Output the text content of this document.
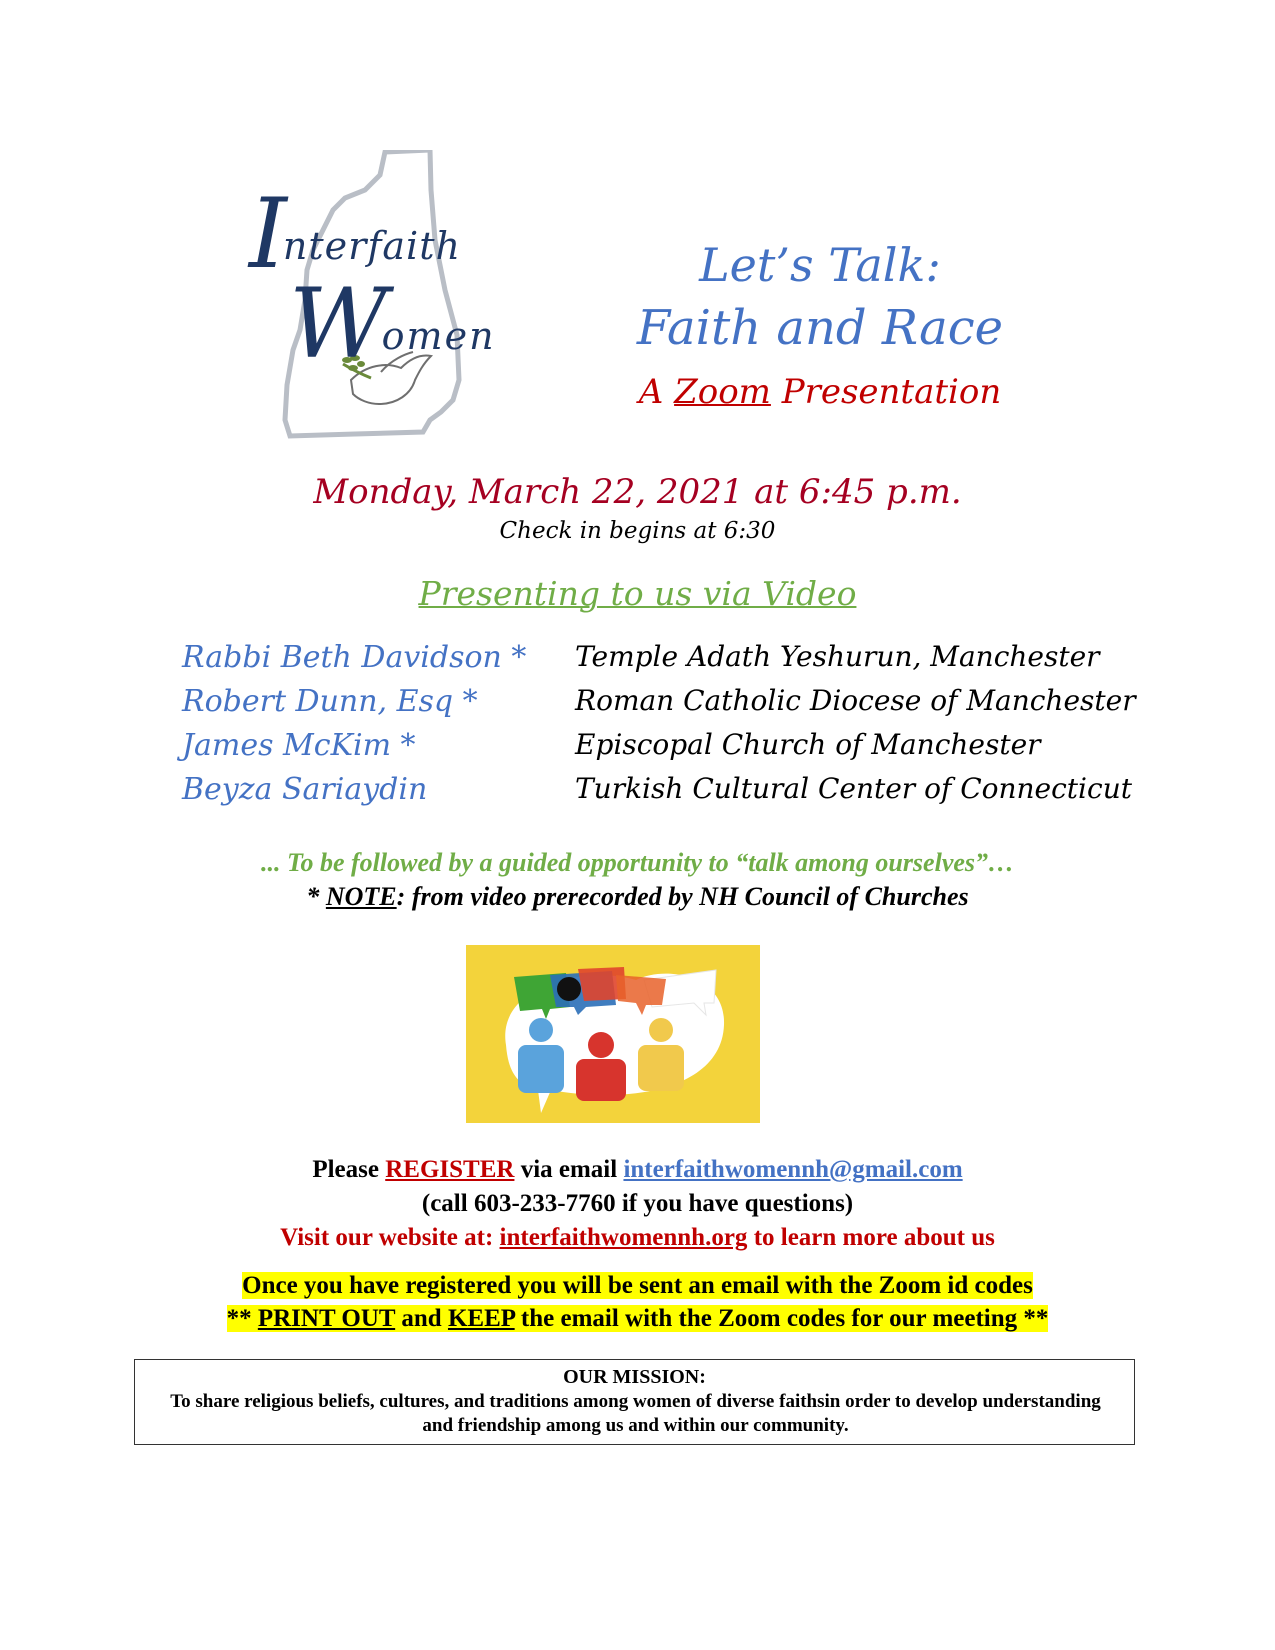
Interfaith
Women
Let’s Talk:
Faith and Race
A Zoom Presentation
Monday, March 22, 2021 at 6:45 p.m.
Check in begins at 6:30
Presenting to us via Video
Rabbi Beth Davidson * Temple Adath Yeshurun, Manchester
Robert Dunn, Esq *	Roman Catholic Diocese of Manchester
James McKim *	Episcopal Church of Manchester
Beyza Sariaydin	Turkish Cultural Center of Connecticut
... To be followed by a guided opportunity to “talk among ourselves”…
* NOTE: from video prerecorded by NH Council of Churches
Please REGISTER via email interfaithwomennh@gmail.com
(call 603-233-7760 if you have questions)
Visit our website at: interfaithwomennh.org to learn more about us
Once you have registered you will be sent an email with the Zoom id codes
** PRINT OUT and KEEP the email with the Zoom codes for our meeting **
OUR MISSION:
To share religious beliefs, cultures, and traditions among women of diverse faithsin order to develop understanding and friendship among us and within our community.
